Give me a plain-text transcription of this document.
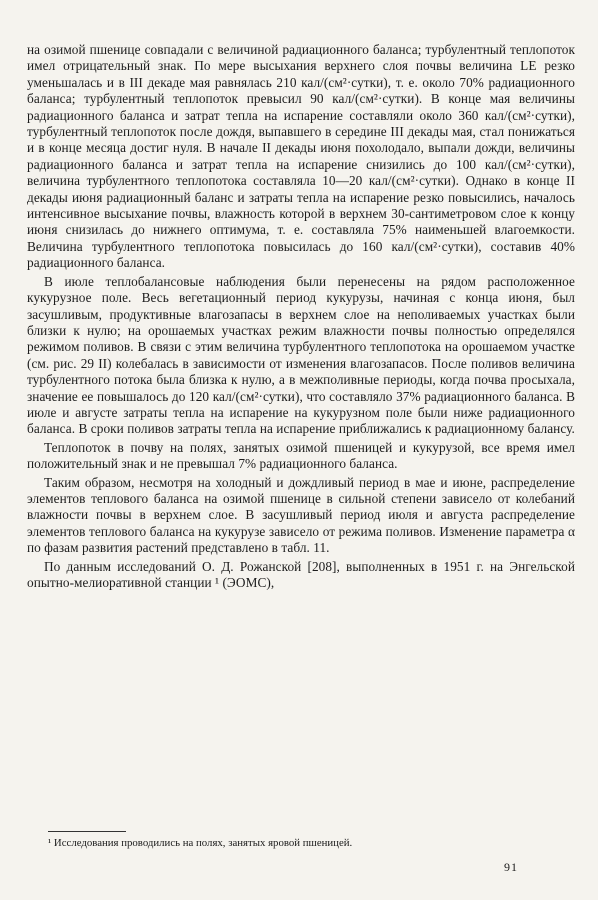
на озимой пшенице совпадали с величиной радиационного баланса; турбулентный теплопоток имел отрицательный знак. По мере высыхания верхнего слоя почвы величина LE резко уменьшалась и в III декаде мая равнялась 210 кал/(см²·сутки), т. е. около 70% радиационного баланса; турбулентный теплопоток превысил 90 кал/(см²·сутки). В конце мая величины радиационного баланса и затрат тепла на испарение составляли около 360 кал/(см²·сутки), турбулентный теплопоток после дождя, выпавшего в середине III декады мая, стал понижаться и в конце месяца достиг нуля. В начале II декады июня похолодало, выпали дожди, величины радиационного баланса и затрат тепла на испарение снизились до 100 кал/(см²·сутки), величина турбулентного теплопотока составляла 10—20 кал/(см²·сутки). Однако в конце II декады июня радиационный баланс и затраты тепла на испарение резко повысились, началось интенсивное высыхание почвы, влажность которой в верхнем 30-сантиметровом слое к концу июня снизилась до нижнего оптимума, т. е. составляла 75% наименьшей влагоемкости. Величина турбулентного теплопотока повысилась до 160 кал/(см²·сутки), составив 40% радиационного баланса.

В июле теплобалансовые наблюдения были перенесены на рядом расположенное кукурузное поле. Весь вегетационный период кукурузы, начиная с конца июня, был засушливым, продуктивные влагозапасы в верхнем слое на неполиваемых участках были близки к нулю; на орошаемых участках режим влажности почвы полностью определялся режимом поливов. В связи с этим величина турбулентного теплопотока на орошаемом участке (см. рис. 29 II) колебалась в зависимости от изменения влагозапасов. После поливов величина турбулентного потока была близка к нулю, а в межполивные периоды, когда почва просыхала, значение ее повышалось до 120 кал/(см²·сутки), что составляло 37% радиационного баланса. В июле и августе затраты тепла на испарение на кукурузном поле были ниже радиационного баланса. В сроки поливов затраты тепла на испарение приближались к радиационному балансу.

Теплопоток в почву на полях, занятых озимой пшеницей и кукурузой, все время имел положительный знак и не превышал 7% радиационного баланса.

Таким образом, несмотря на холодный и дождливый период в мае и июне, распределение элементов теплового баланса на озимой пшенице в сильной степени зависело от колебаний влажности почвы в верхнем слое. В засушливый период июля и августа распределение элементов теплового баланса на кукурузе зависело от режима поливов. Изменение параметра α по фазам развития растений представлено в табл. 11.

По данным исследований О. Д. Рожанской [208], выполненных в 1951 г. на Энгельской опытно-мелиоративной станции ¹ (ЭОМС),

¹ Исследования проводились на полях, занятых яровой пшеницей.
91
